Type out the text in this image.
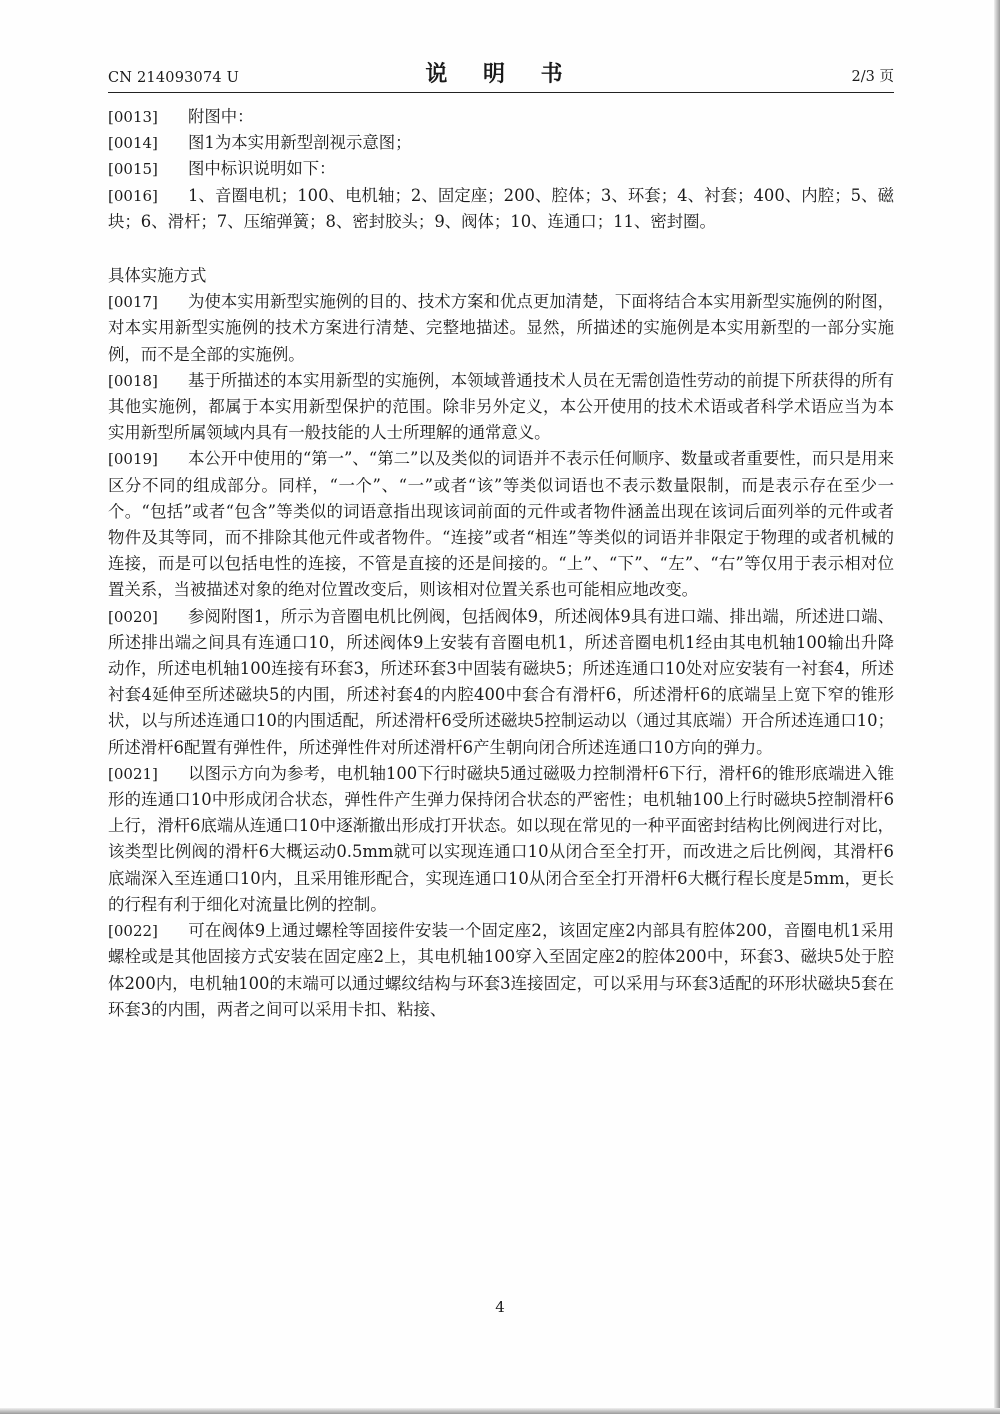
CN 214093074 U	说 明 书	2/3 页

[0013] 附图中：

[0014] 图1为本实用新型剖视示意图；

[0015] 图中标识说明如下：

[0016] 1、音圈电机；100、电机轴；2、固定座；200、腔体；3、环套；4、衬套；400、内腔；5、磁块；6、滑杆；7、压缩弹簧；8、密封胶头；9、阀体；10、连通口；11、密封圈。

具体实施方式

[0017] 为使本实用新型实施例的目的、技术方案和优点更加清楚，下面将结合本实用新型实施例的附图，对本实用新型实施例的技术方案进行清楚、完整地描述。显然，所描述的实施例是本实用新型的一部分实施例，而不是全部的实施例。

[0018] 基于所描述的本实用新型的实施例，本领域普通技术人员在无需创造性劳动的前提下所获得的所有其他实施例，都属于本实用新型保护的范围。除非另外定义，本公开使用的技术术语或者科学术语应当为本实用新型所属领域内具有一般技能的人士所理解的通常意义。

[0019] 本公开中使用的“第一”、“第二”以及类似的词语并不表示任何顺序、数量或者重要性，而只是用来区分不同的组成部分。同样，“一个”、“一”或者“该”等类似词语也不表示数量限制，而是表示存在至少一个。“包括”或者“包含”等类似的词语意指出现该词前面的元件或者物件涵盖出现在该词后面列举的元件或者物件及其等同，而不排除其他元件或者物件。“连接”或者“相连”等类似的词语并非限定于物理的或者机械的连接，而是可以包括电性的连接，不管是直接的还是间接的。“上”、“下”、“左”、“右”等仅用于表示相对位置关系，当被描述对象的绝对位置改变后，则该相对位置关系也可能相应地改变。

[0020] 参阅附图1，所示为音圈电机比例阀，包括阀体9，所述阀体9具有进口端、排出端，所述进口端、所述排出端之间具有连通口10，所述阀体9上安装有音圈电机1，所述音圈电机1经由其电机轴100输出升降动作，所述电机轴100连接有环套3，所述环套3中固装有磁块5；所述连通口10处对应安装有一衬套4，所述衬套4延伸至所述磁块5的内围，所述衬套4的内腔400中套合有滑杆6，所述滑杆6的底端呈上宽下窄的锥形状，以与所述连通口10的内围适配，所述滑杆6受所述磁块5控制运动以（通过其底端）开合所述连通口10；所述滑杆6配置有弹性件，所述弹性件对所述滑杆6产生朝向闭合所述连通口10方向的弹力。

[0021] 以图示方向为参考，电机轴100下行时磁块5通过磁吸力控制滑杆6下行，滑杆6的锥形底端进入锥形的连通口10中形成闭合状态，弹性件产生弹力保持闭合状态的严密性；电机轴100上行时磁块5控制滑杆6上行，滑杆6底端从连通口10中逐渐撤出形成打开状态。如以现在常见的一种平面密封结构比例阀进行对比，该类型比例阀的滑杆6大概运动0.5mm就可以实现连通口10从闭合至全打开，而改进之后比例阀，其滑杆6底端深入至连通口10内，且采用锥形配合，实现连通口10从闭合至全打开滑杆6大概行程长度是5mm，更长的行程有利于细化对流量比例的控制。

[0022] 可在阀体9上通过螺栓等固接件安装一个固定座2，该固定座2内部具有腔体200，音圈电机1采用螺栓或是其他固接方式安装在固定座2上，其电机轴100穿入至固定座2的腔体200中，环套3、磁块5处于腔体200内，电机轴100的末端可以通过螺纹结构与环套3连接固定，可以采用与环套3适配的环形状磁块5套在环套3的内围，两者之间可以采用卡扣、粘接、

4
